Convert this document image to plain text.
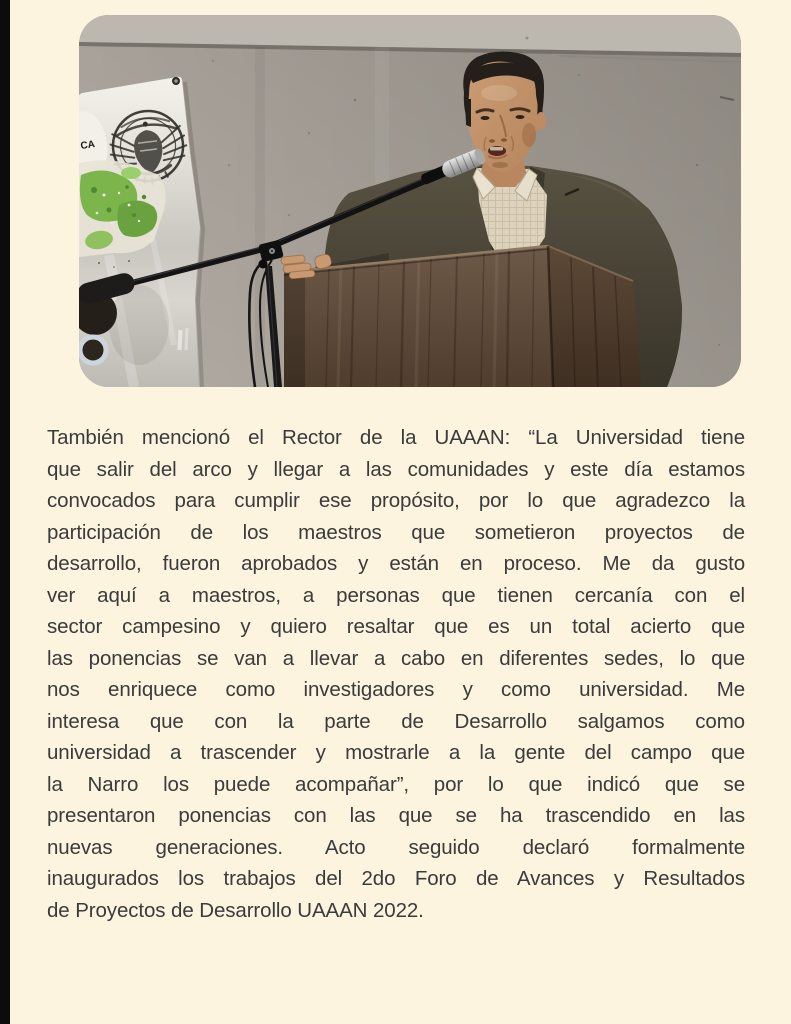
CA
También mencionó el Rector de la UAAAN: “La Universidad tiene
que salir del arco y llegar a las comunidades y este día estamos
convocados para cumplir ese propósito, por lo que agradezco la
participación de los maestros que sometieron proyectos de
desarrollo, fueron aprobados y están en proceso. Me da gusto
ver aquí a maestros, a personas que tienen cercanía con el
sector campesino y quiero resaltar que es un total acierto que
las ponencias se van a llevar a cabo en diferentes sedes, lo que
nos enriquece como investigadores y como universidad. Me
interesa que con la parte de Desarrollo salgamos como
universidad a trascender y mostrarle a la gente del campo que
la Narro los puede acompañar”, por lo que indicó que se
presentaron ponencias con las que se ha trascendido en las
nuevas generaciones. Acto seguido declaró formalmente
inaugurados los trabajos del 2do Foro de Avances y Resultados
de Proyectos de Desarrollo UAAAN 2022.
